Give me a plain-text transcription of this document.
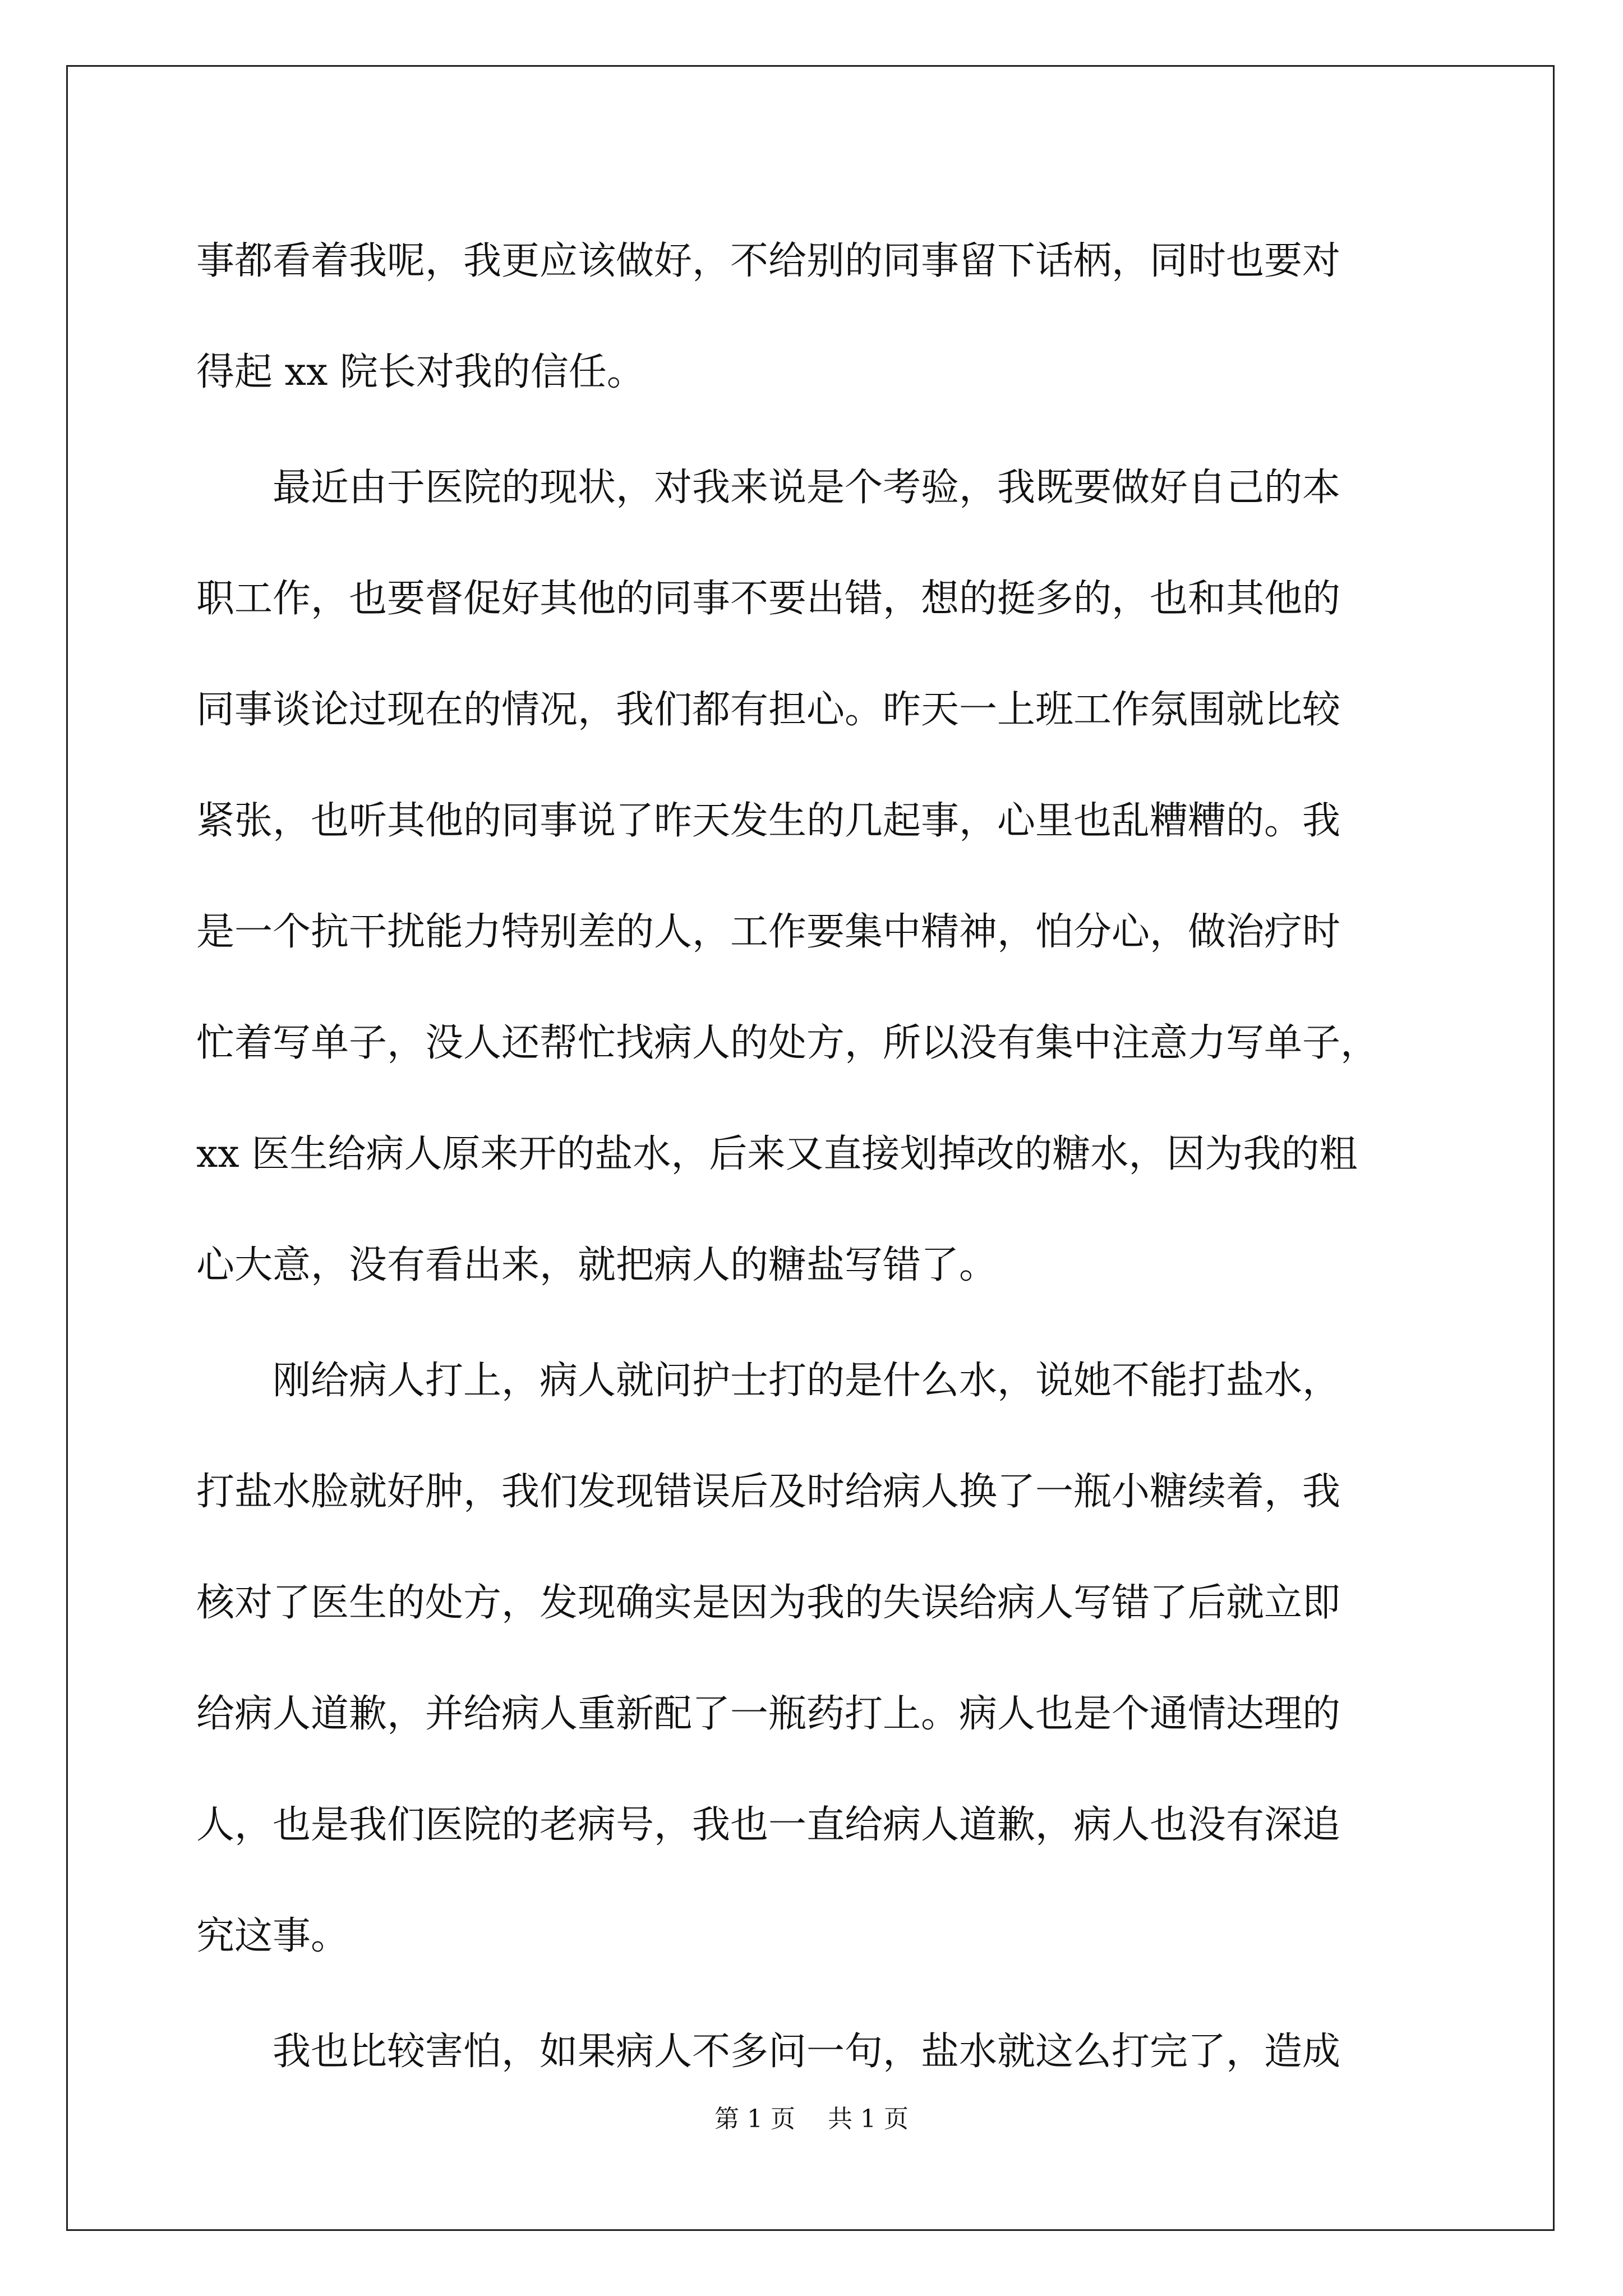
事都看着我呢，我更应该做好，不给别的同事留下话柄，同时也要对
得起 xx 院长对我的信任。
　　最近由于医院的现状，对我来说是个考验，我既要做好自己的本
职工作，也要督促好其他的同事不要出错，想的挺多的，也和其他的
同事谈论过现在的情况，我们都有担心。昨天一上班工作氛围就比较
紧张，也听其他的同事说了昨天发生的几起事，心里也乱糟糟的。我
是一个抗干扰能力特别差的人，工作要集中精神，怕分心，做治疗时
忙着写单子，没人还帮忙找病人的处方，所以没有集中注意力写单子，
xx 医生给病人原来开的盐水，后来又直接划掉改的糖水，因为我的粗
心大意，没有看出来，就把病人的糖盐写错了。
　　刚给病人打上，病人就问护士打的是什么水，说她不能打盐水，
打盐水脸就好肿，我们发现错误后及时给病人换了一瓶小糖续着，我
核对了医生的处方，发现确实是因为我的失误给病人写错了后就立即
给病人道歉，并给病人重新配了一瓶药打上。病人也是个通情达理的
人，也是我们医院的老病号，我也一直给病人道歉，病人也没有深追
究这事。
　　我也比较害怕，如果病人不多问一句，盐水就这么打完了，造成
第 1 页　 共 1 页
